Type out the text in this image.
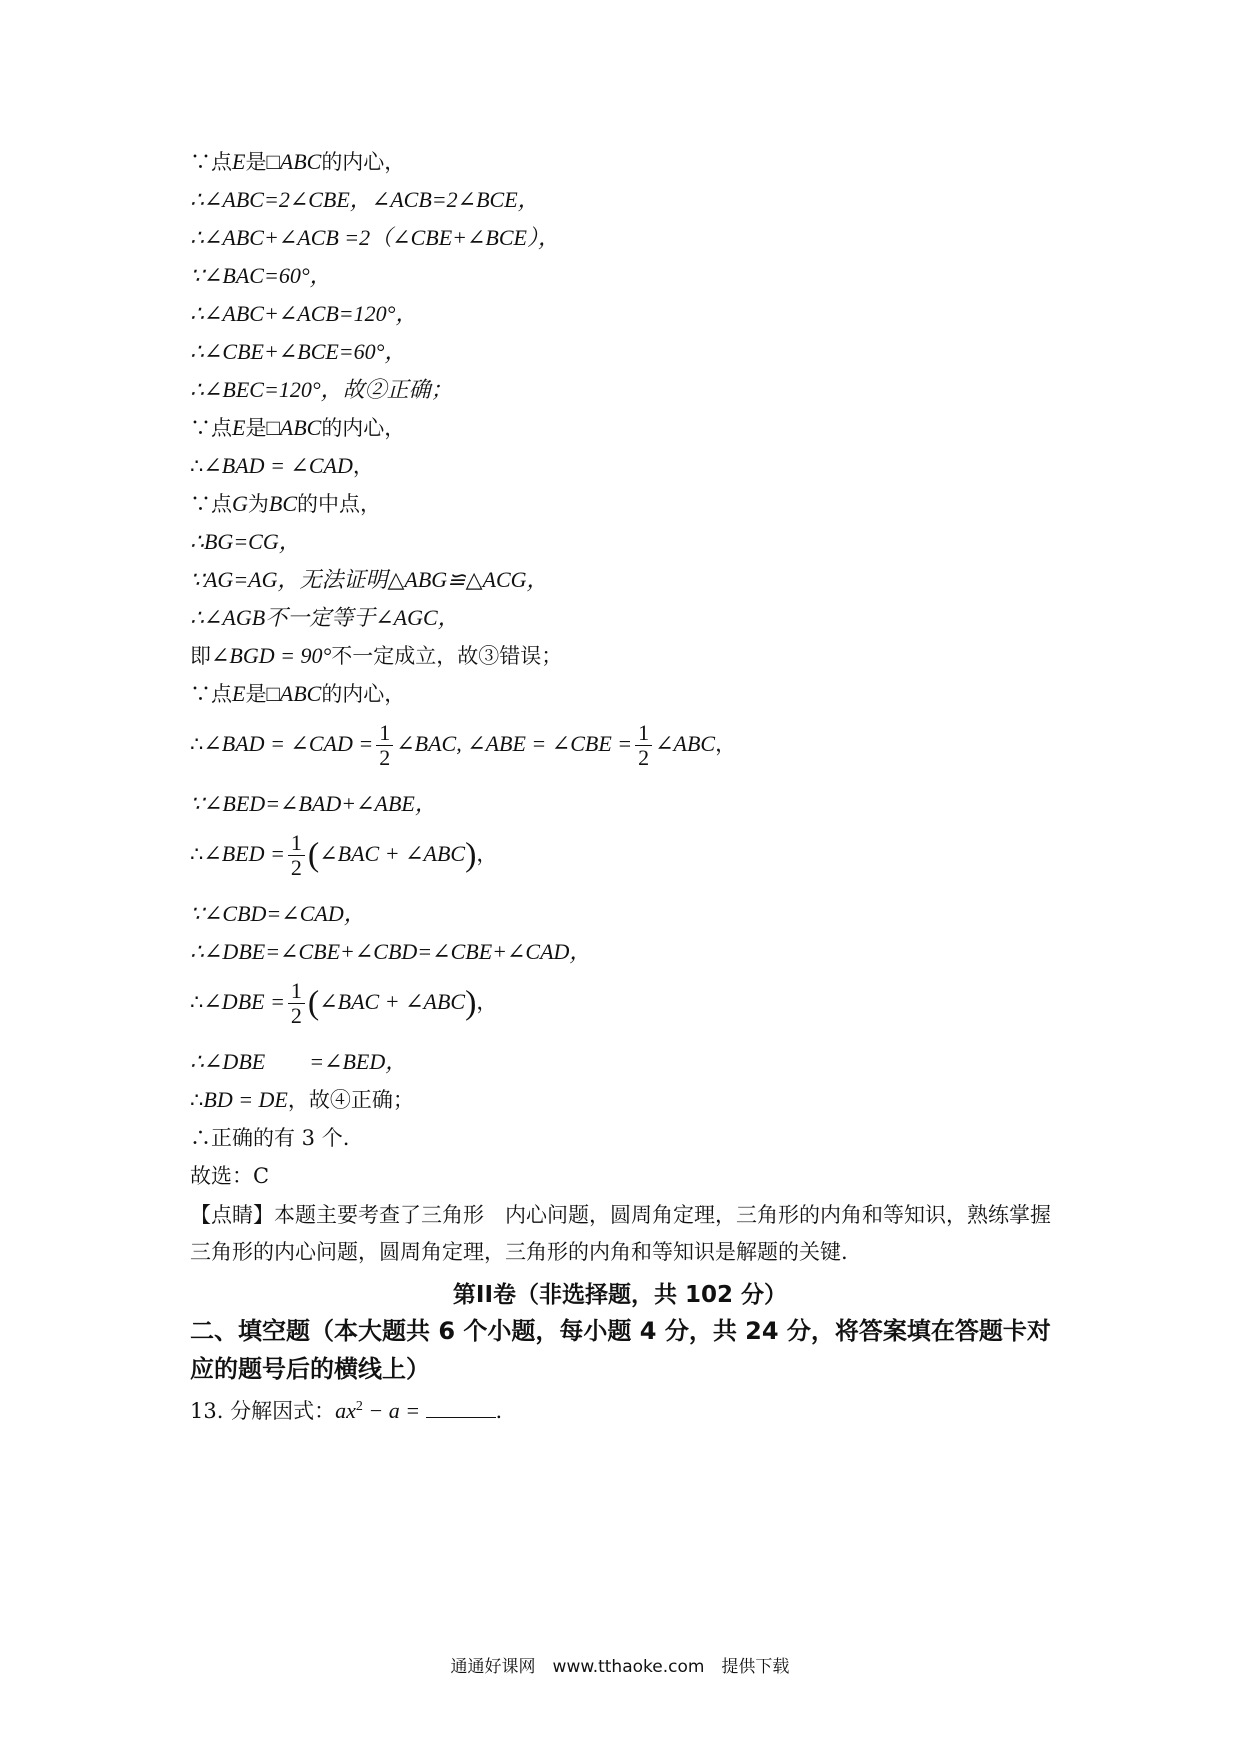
∵点E是□ABC的内心，
∴∠ABC=2∠CBE，∠ACB=2∠BCE，
∴∠ABC+∠ACB =2（∠CBE+∠BCE），
∵∠BAC=60°，
∴∠ABC+∠ACB=120°，
∴∠CBE+∠BCE=60°，
∴∠BEC=120°，故②正确；
∵点E是□ABC的内心，
∴∠BAD = ∠CAD，
∵点G为BC的中点，
∴BG=CG，
∵AG=AG，无法证明△ABG≌△ACG，
∴∠AGB不一定等于∠AGC，
即∠BGD = 90°不一定成立，故③错误；
∵点E是□ABC的内心，
∴∠BAD = ∠CAD = $\frac{1}{2}$ ∠BAC, ∠ABE = ∠CBE = $\frac{1}{2}$ ∠ABC，
∵∠BED=∠BAD+∠ABE，
∴∠BED = $\frac{1}{2}$ (∠BAC + ∠ABC)，
∵∠CBD=∠CAD，
∴∠DBE=∠CBE+∠CBD=∠CBE+∠CAD，
∴∠DBE = $\frac{1}{2}$ (∠BAC + ∠ABC)，
∴∠DBE　　=∠BED，
∴BD = DE，故④正确；
∴正确的有 3 个.
故选：C
【点睛】本题主要考查了三角形　内心问题，圆周角定理，三角形的内角和等知识，熟练掌握三角形的内心问题，圆周角定理，三角形的内角和等知识是解题的关键.
第II卷（非选择题，共 102 分）
二、填空题（本大题共 6 个小题，每小题 4 分，共 24 分，将答案填在答题卡对应的题号后的横线上）
13. 分解因式：$ax^2 - a$ =	.
通通好课网　www.tthaoke.com　提供下载
